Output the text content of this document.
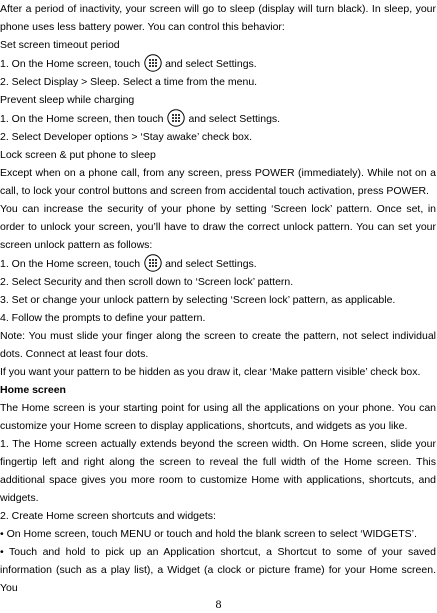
After a period of inactivity, your screen will go to sleep (display will turn black). In sleep, your phone uses less battery power. You can control this behavior:

Set screen timeout period

1. On the Home screen, touch and select Settings.

2. Select Display > Sleep. Select a time from the menu.

Prevent sleep while charging

1. On the Home screen, then touch and select Settings.

2. Select Developer options > ‘Stay awake’ check box.

Lock screen & put phone to sleep

Except when on a phone call, from any screen, press POWER (immediately). While not on a call, to lock your control buttons and screen from accidental touch activation, press POWER.

You can increase the security of your phone by setting ‘Screen lock’ pattern. Once set, in order to unlock your screen, you’ll have to draw the correct unlock pattern. You can set your screen unlock pattern as follows:

1. On the Home screen, touch and select Settings.

2. Select Security and then scroll down to ‘Screen lock’ pattern.

3. Set or change your unlock pattern by selecting ‘Screen lock’ pattern, as applicable.

4. Follow the prompts to define your pattern.

Note: You must slide your finger along the screen to create the pattern, not select individual dots. Connect at least four dots.

If you want your pattern to be hidden as you draw it, clear ‘Make pattern visible’ check box.

Home screen

The Home screen is your starting point for using all the applications on your phone. You can customize your Home screen to display applications, shortcuts, and widgets as you like.

1. The Home screen actually extends beyond the screen width. On Home screen, slide your fingertip left and right along the screen to reveal the full width of the Home screen. This additional space gives you more room to customize Home with applications, shortcuts, and widgets.

2. Create Home screen shortcuts and widgets:

• On Home screen, touch MENU or touch and hold the blank screen to select ‘WIDGETS’.

• Touch and hold to pick up an Application shortcut, a Shortcut to some of your saved information (such as a play list), a Widget (a clock or picture frame) for your Home screen. You

8
